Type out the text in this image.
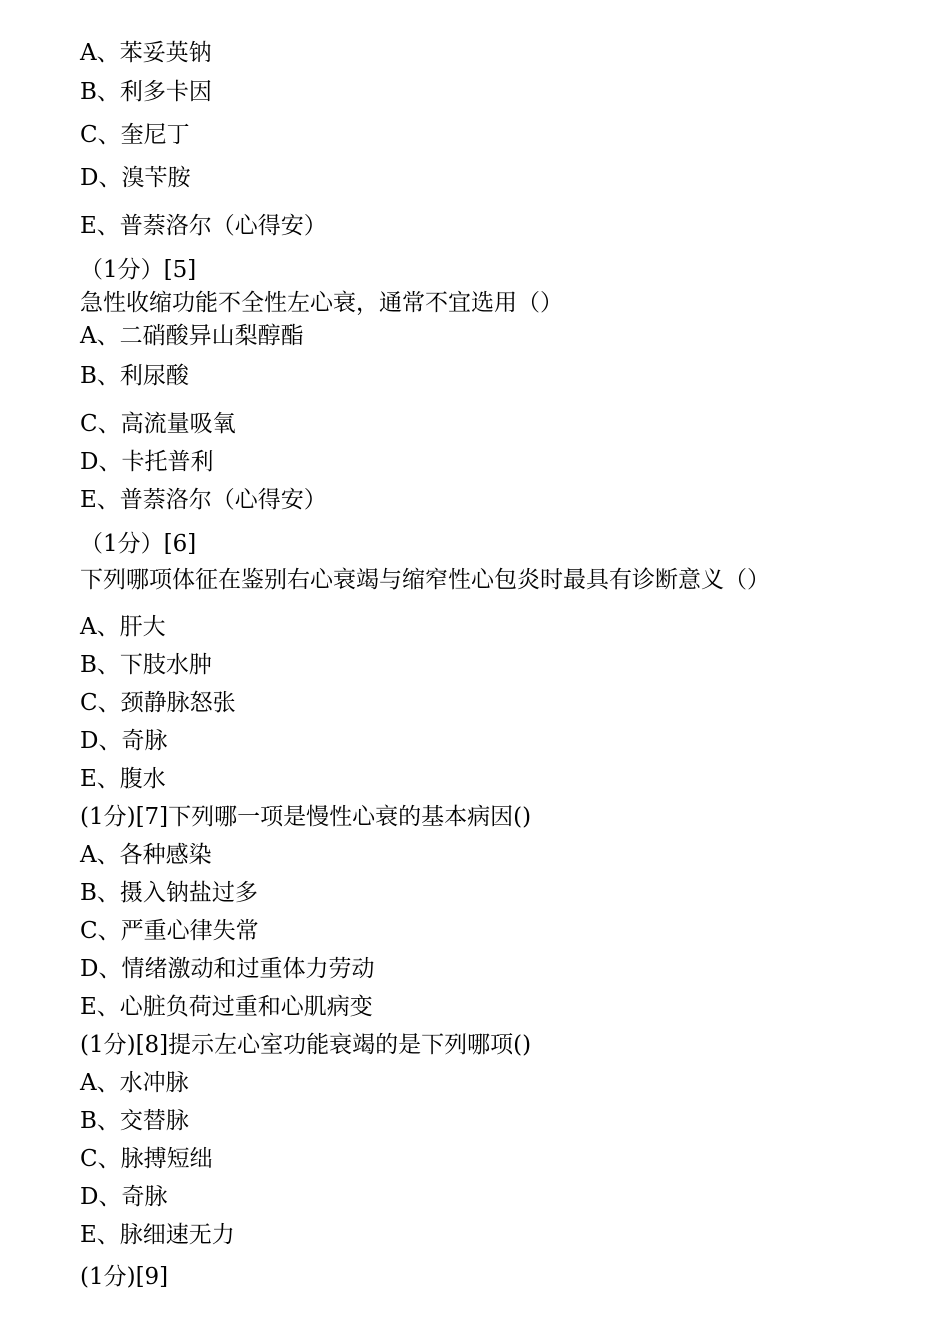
A、苯妥英钠
B、利多卡因
C、奎尼丁
D、溴苄胺
E、普萘洛尔（心得安）
（1分）[5]
急性收缩功能不全性左心衰，通常不宜选用（）
A、二硝酸异山梨醇酯
B、利尿酸
C、高流量吸氧
D、卡托普利
E、普萘洛尔（心得安）
（1分）[6]
下列哪项体征在鉴别右心衰竭与缩窄性心包炎时最具有诊断意义（）
A、肝大
B、下肢水肿
C、颈静脉怒张
D、奇脉
E、腹水
(1分)[7]下列哪一项是慢性心衰的基本病因()
A、各种感染
B、摄入钠盐过多
C、严重心律失常
D、情绪激动和过重体力劳动
E、心脏负荷过重和心肌病变
(1分)[8]提示左心室功能衰竭的是下列哪项()
A、水冲脉
B、交替脉
C、脉搏短绌
D、奇脉
E、脉细速无力
(1分)[9]
